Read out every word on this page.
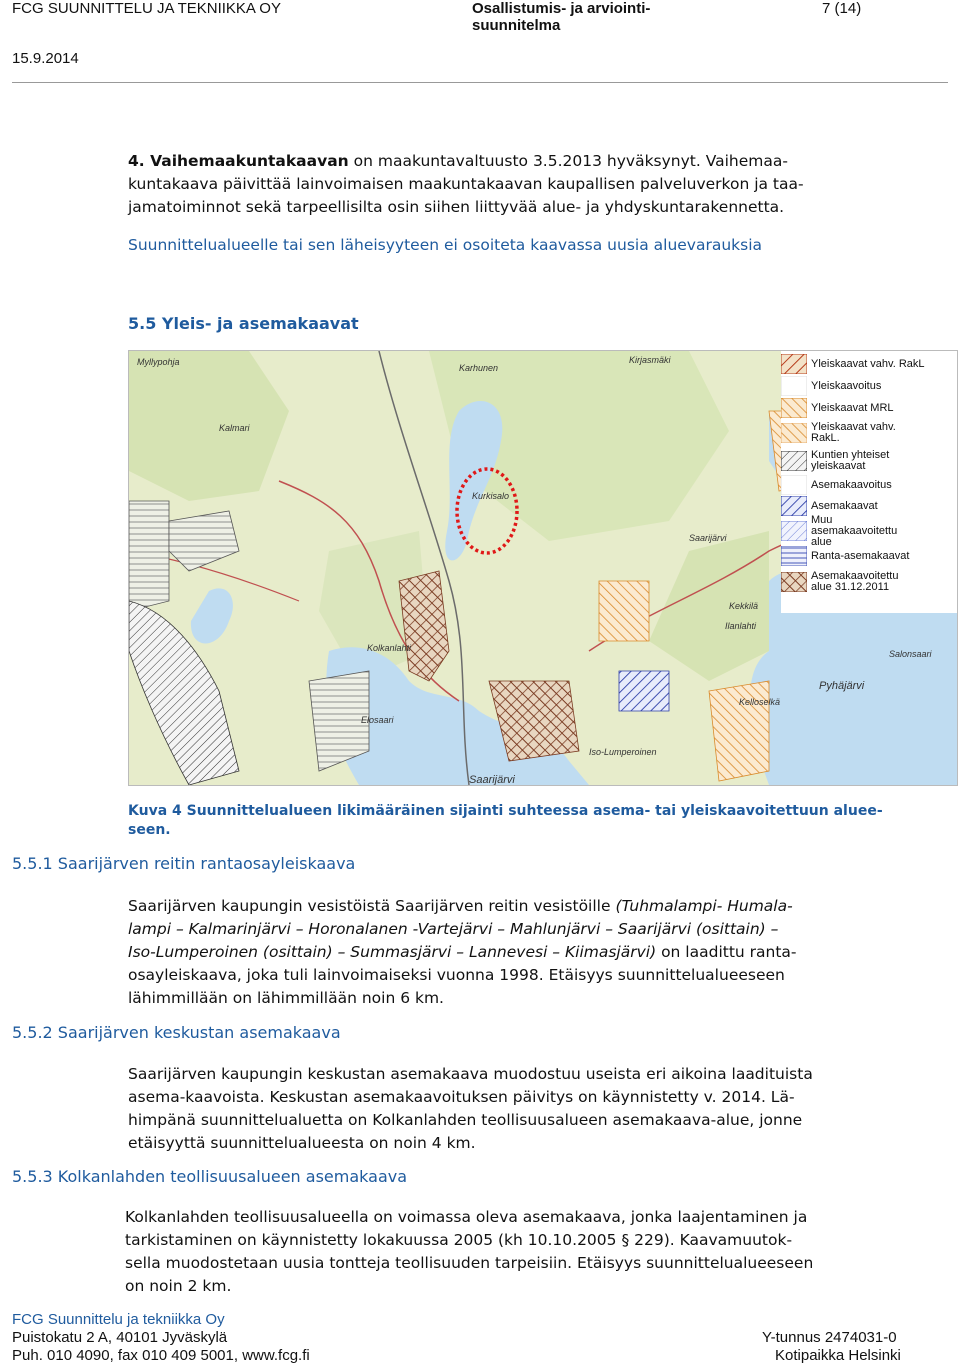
FCG SUUNNITTELU JA TEKNIIKKA OY
15.9.2014
Osallistumis- ja arviointi-
suunnitelma
7 (14)
4. Vaihemaakuntakaavan on maakuntavaltuusto 3.5.2013 hyväksynyt. Vaihemaa-
kuntakaava päivittää lainvoimaisen maakuntakaavan kaupallisen palveluverkon ja taa-
jamatoiminnot sekä tarpeellisilta osin siihen liittyvää alue- ja yhdyskuntarakennetta.
Suunnittelualueelle tai sen läheisyyteen ei osoiteta kaavassa uusia aluevarauksia
5.5 Yleis- ja asemakaavat
Myllypohja
Kalmari
Karhunen
Kirjasmäki
Kurkisalo
Saarijärvi
Kekkilä
Ilanlahti
Kolkanlahti
Salonsaari
Pyhäjärvi
Kelloselkä
Elosaari
Saarijärvi
Iso-Lumperoinen
Yleiskaavat vahv. RakL
Yleiskaavoitus
Yleiskaavat MRL
Yleiskaavat vahv. RakL.
Kuntien yhteiset yleiskaavat
Asemakaavoitus
Asemakaavat
Muu asemakaavoitettu alue
Ranta-asemakaavat
Asemakaavoitettu alue 31.12.2011
Kuva 4 Suunnittelualueen likimääräinen sijainti suhteessa asema- tai yleiskaavoitettuun aluee-
seen.
5.5.1 Saarijärven reitin rantaosayleiskaava
Saarijärven kaupungin vesistöistä Saarijärven reitin vesistöille (Tuhmalampi- Humala-
lampi – Kalmarinjärvi – Horonalanen -Vartejärvi – Mahlunjärvi – Saarijärvi (osittain) –
Iso-Lumperoinen (osittain) – Summasjärvi – Lannevesi – Kiimasjärvi) on laadittu ranta-
osayleiskaava, joka tuli lainvoimaiseksi vuonna 1998. Etäisyys suunnittelualueeseen
lähimmillään on lähimmillään noin 6 km.
5.5.2 Saarijärven keskustan asemakaava
Saarijärven kaupungin keskustan asemakaava muodostuu useista eri aikoina laadituista
asema-kaavoista. Keskustan asemakaavoituksen päivitys on käynnistetty v. 2014. Lä-
himpänä suunnittelualuetta on Kolkanlahden teollisuusalueen asemakaava-alue, jonne
etäisyyttä suunnittelualueesta on noin 4 km.
5.5.3 Kolkanlahden teollisuusalueen asemakaava
Kolkanlahden teollisuusalueella on voimassa oleva asemakaava, jonka laajentaminen ja
tarkistaminen on käynnistetty lokakuussa 2005 (kh 10.10.2005 § 229). Kaavamuutok-
sella muodostetaan uusia tontteja teollisuuden tarpeisiin. Etäisyys suunnittelualueeseen
on noin 2 km.
FCG Suunnittelu ja tekniikka Oy
Puistokatu 2 A, 40101 Jyväskylä
Puh. 010 4090, fax 010 409 5001, www.fcg.fi
Y-tunnus 2474031-0
Kotipaikka Helsinki
